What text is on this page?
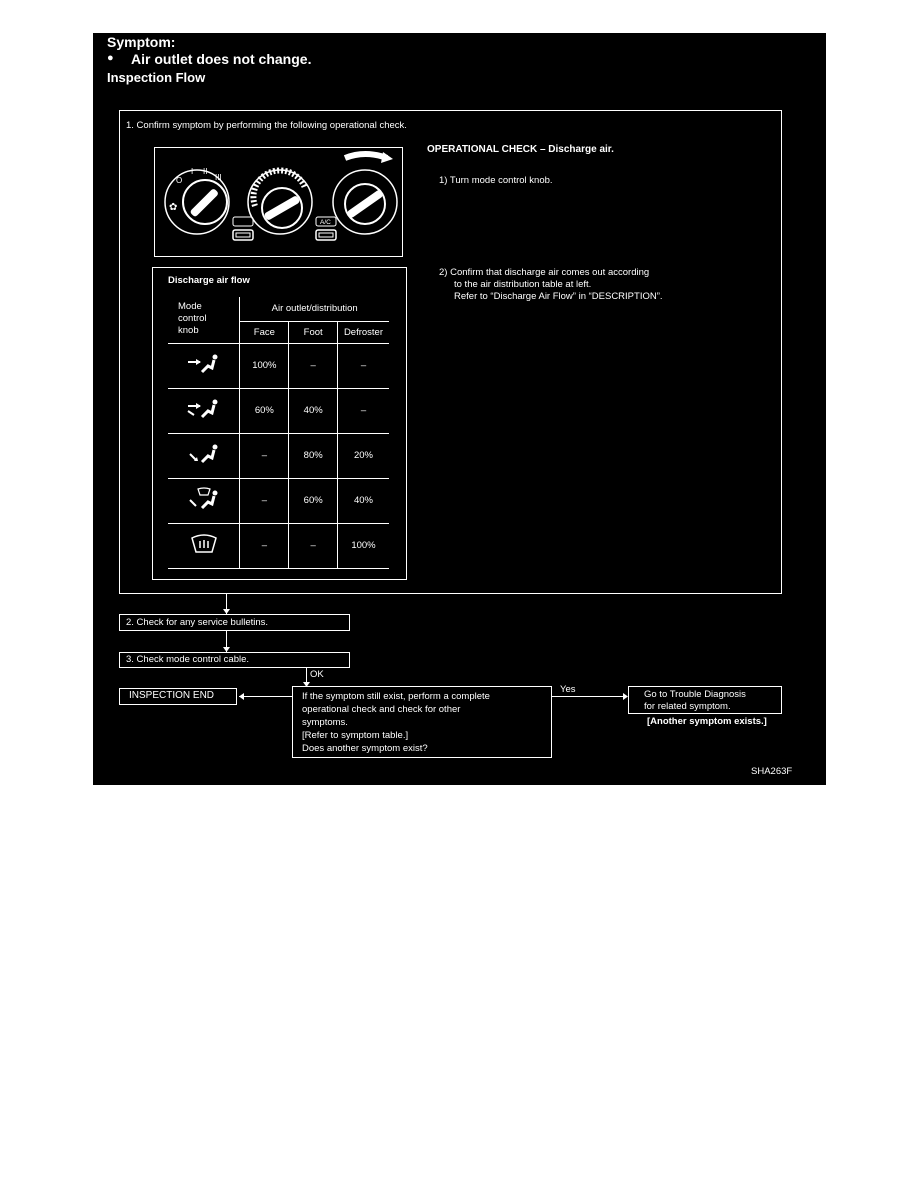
Symptom:
● Air outlet does not change.
Inspection Flow
1. Confirm symptom by performing the following operational check.
✿
O
I II
III
A/C
OPERATIONAL CHECK – Discharge air.
1) Turn mode control knob.
2) Confirm that discharge air comes out according
to the air distribution table at left.
Refer to “Discharge Air Flow” in “DESCRIPTION”.
Discharge air flow
Mode
control
knob	Air outlet/distribution		
	Face	Foot	Defroster
	100%	–	–
	60%	40%	–
	–	80%	20%
	–	60%	40%
	–	–	100%
2. Check for any service bulletins.
3. Check mode control cable.
OK
INSPECTION END	If the symptom still exist, perform a complete
operational check and check for other
symptoms.
[Refer to symptom table.]
Does another symptom exist?
Yes	Go to Trouble Diagnosis
for related symptom.
[Another symptom exists.]
SHA263F
